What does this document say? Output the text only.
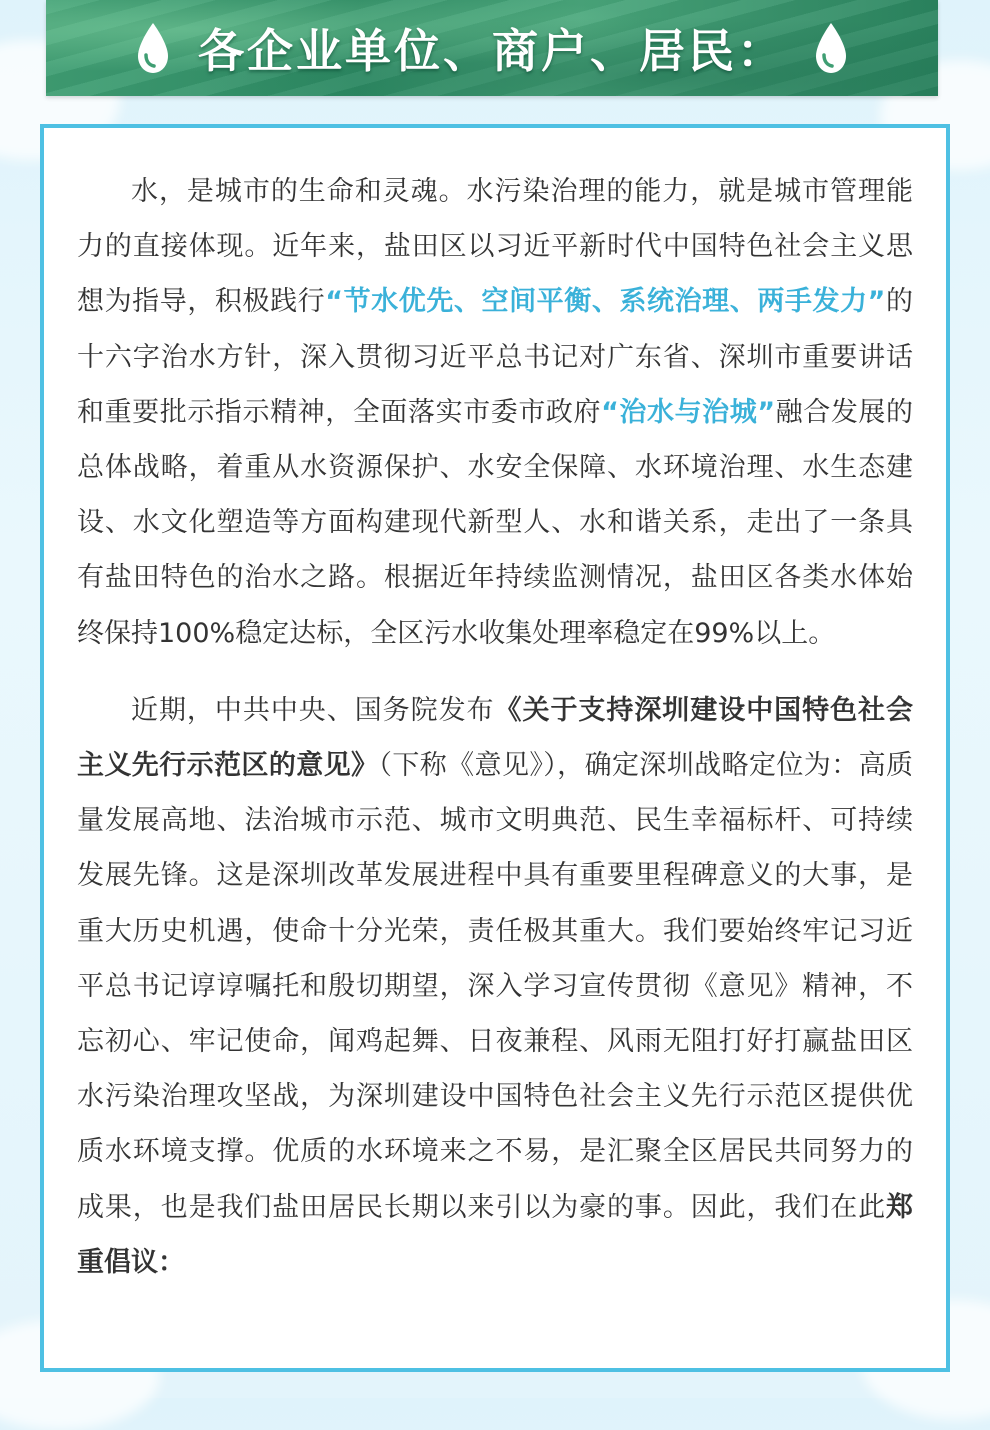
各企业单位、商户、居民：

水，是城市的生命和灵魂。水污染治理的能力，就是城市管理能力的直接体现。近年来，盐田区以习近平新时代中国特色社会主义思想为指导，积极践行“节水优先、空间平衡、系统治理、两手发力”的十六字治水方针，深入贯彻习近平总书记对广东省、深圳市重要讲话和重要批示指示精神，全面落实市委市政府“治水与治城”融合发展的总体战略，着重从水资源保护、水安全保障、水环境治理、水生态建设、水文化塑造等方面构建现代新型人、水和谐关系，走出了一条具有盐田特色的治水之路。根据近年持续监测情况，盐田区各类水体始终保持100%稳定达标，全区污水收集处理率稳定在99%以上。

近期，中共中央、国务院发布《关于支持深圳建设中国特色社会主义先行示范区的意见》（下称《意见》），确定深圳战略定位为：高质量发展高地、法治城市示范、城市文明典范、民生幸福标杆、可持续发展先锋。这是深圳改革发展进程中具有重要里程碑意义的大事，是重大历史机遇，使命十分光荣，责任极其重大。我们要始终牢记习近平总书记谆谆嘱托和殷切期望，深入学习宣传贯彻《意见》精神，不忘初心、牢记使命，闻鸡起舞、日夜兼程、风雨无阻打好打赢盐田区水污染治理攻坚战，为深圳建设中国特色社会主义先行示范区提供优质水环境支撑。优质的水环境来之不易，是汇聚全区居民共同努力的成果，也是我们盐田居民长期以来引以为豪的事。因此，我们在此郑重倡议：
